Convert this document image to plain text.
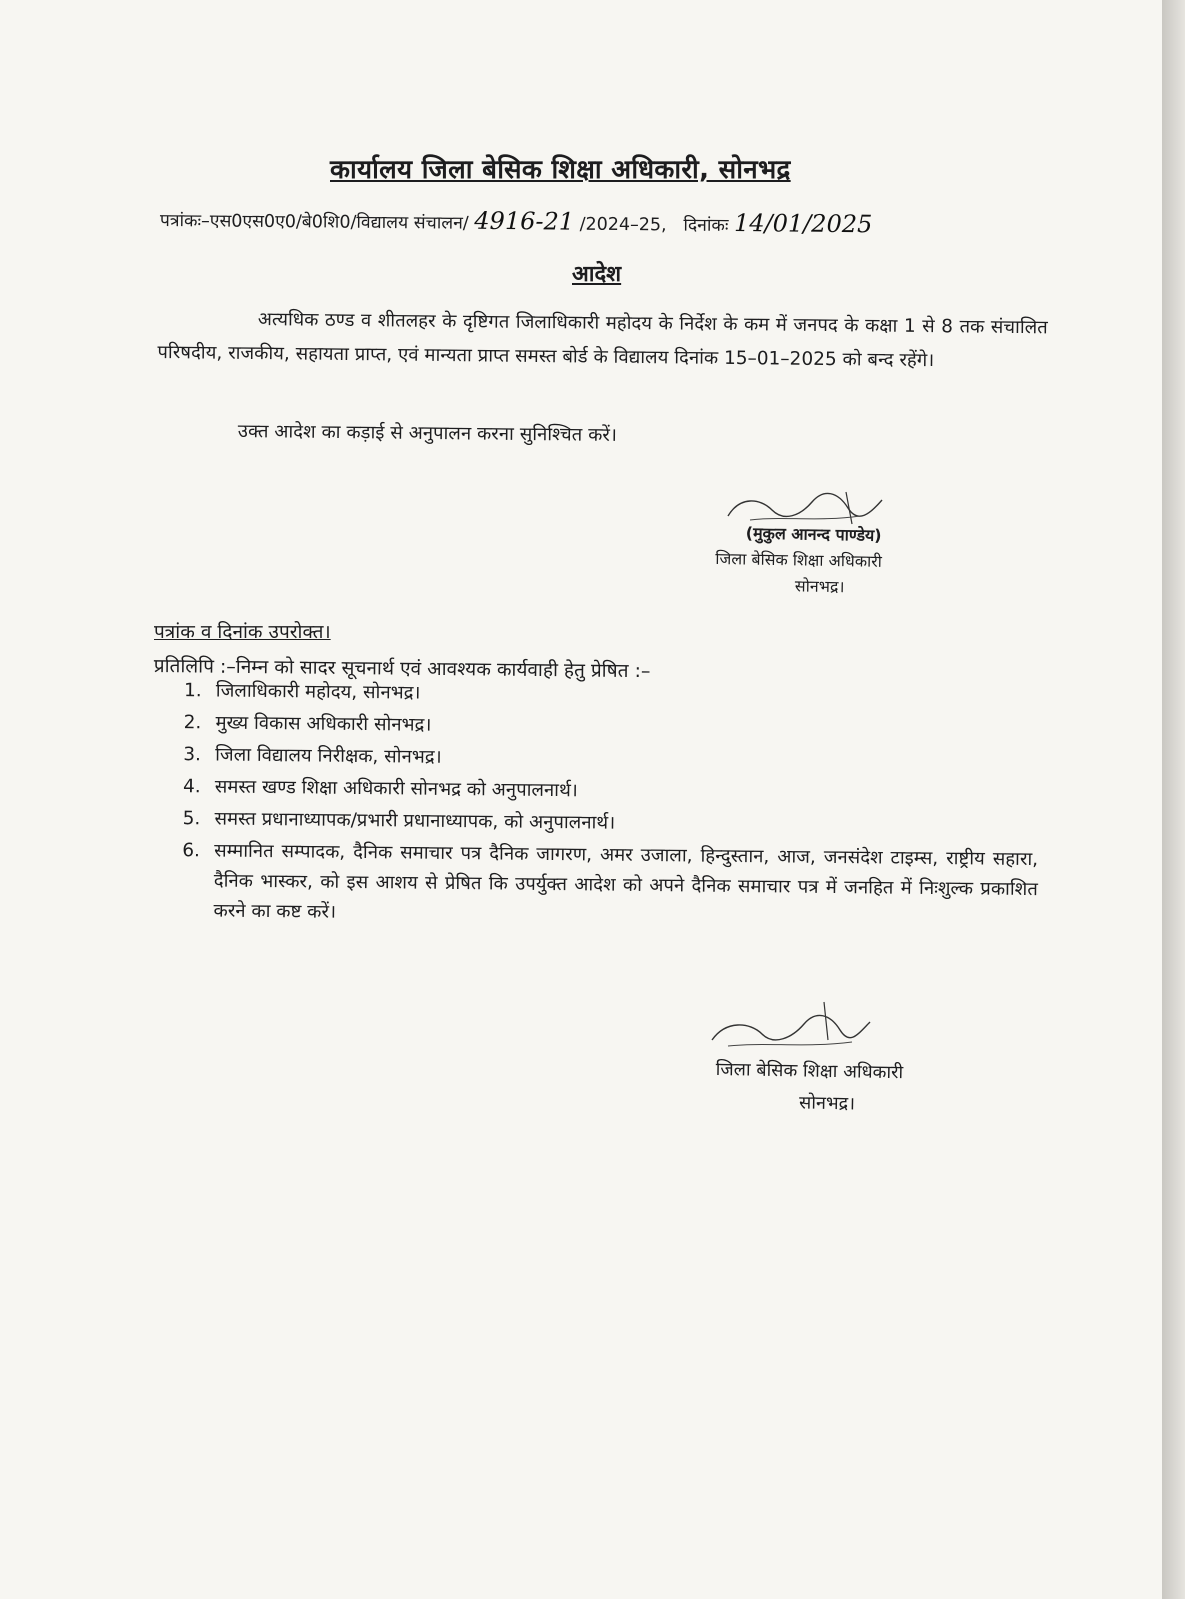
कार्यालय जिला बेसिक शिक्षा अधिकारी, सोनभद्र
पत्रांकः–एस0एस0ए0/बे0शि0/विद्यालय संचालन/ 4916-21 /2024–25, दिनांकः 14/01/2025
आदेश
अत्यधिक ठण्ड व शीतलहर के दृष्टिगत जिलाधिकारी महोदय के निर्देश के कम में जनपद के कक्षा 1 से 8 तक संचालित परिषदीय, राजकीय, सहायता प्राप्त, एवं मान्यता प्राप्त समस्त बोर्ड के विद्यालय दिनांक 15–01–2025 को बन्द रहेंगे।
उक्त आदेश का कड़ाई से अनुपालन करना सुनिश्चित करें।
(मुकुल आनन्द पाण्डेय)
जिला बेसिक शिक्षा अधिकारी
सोनभद्र।
पत्रांक व दिनांक उपरोक्त।
प्रतिलिपि :–निम्न को सादर सूचनार्थ एवं आवश्यक कार्यवाही हेतु प्रेषित :–
1. जिलाधिकारी महोदय, सोनभद्र।
2. मुख्य विकास अधिकारी सोनभद्र।
3. जिला विद्यालय निरीक्षक, सोनभद्र।
4. समस्त खण्ड शिक्षा अधिकारी सोनभद्र को अनुपालनार्थ।
5. समस्त प्रधानाध्यापक/प्रभारी प्रधानाध्यापक, को अनुपालनार्थ।
6. सम्मानित सम्पादक, दैनिक समाचार पत्र दैनिक जागरण, अमर उजाला, हिन्दुस्तान, आज, जनसंदेश टाइम्स, राष्ट्रीय सहारा, दैनिक भास्कर, को इस आशय से प्रेषित कि उपर्युक्त आदेश को अपने दैनिक समाचार पत्र में जनहित में निःशुल्क प्रकाशित करने का कष्ट करें।
जिला बेसिक शिक्षा अधिकारी
सोनभद्र।
